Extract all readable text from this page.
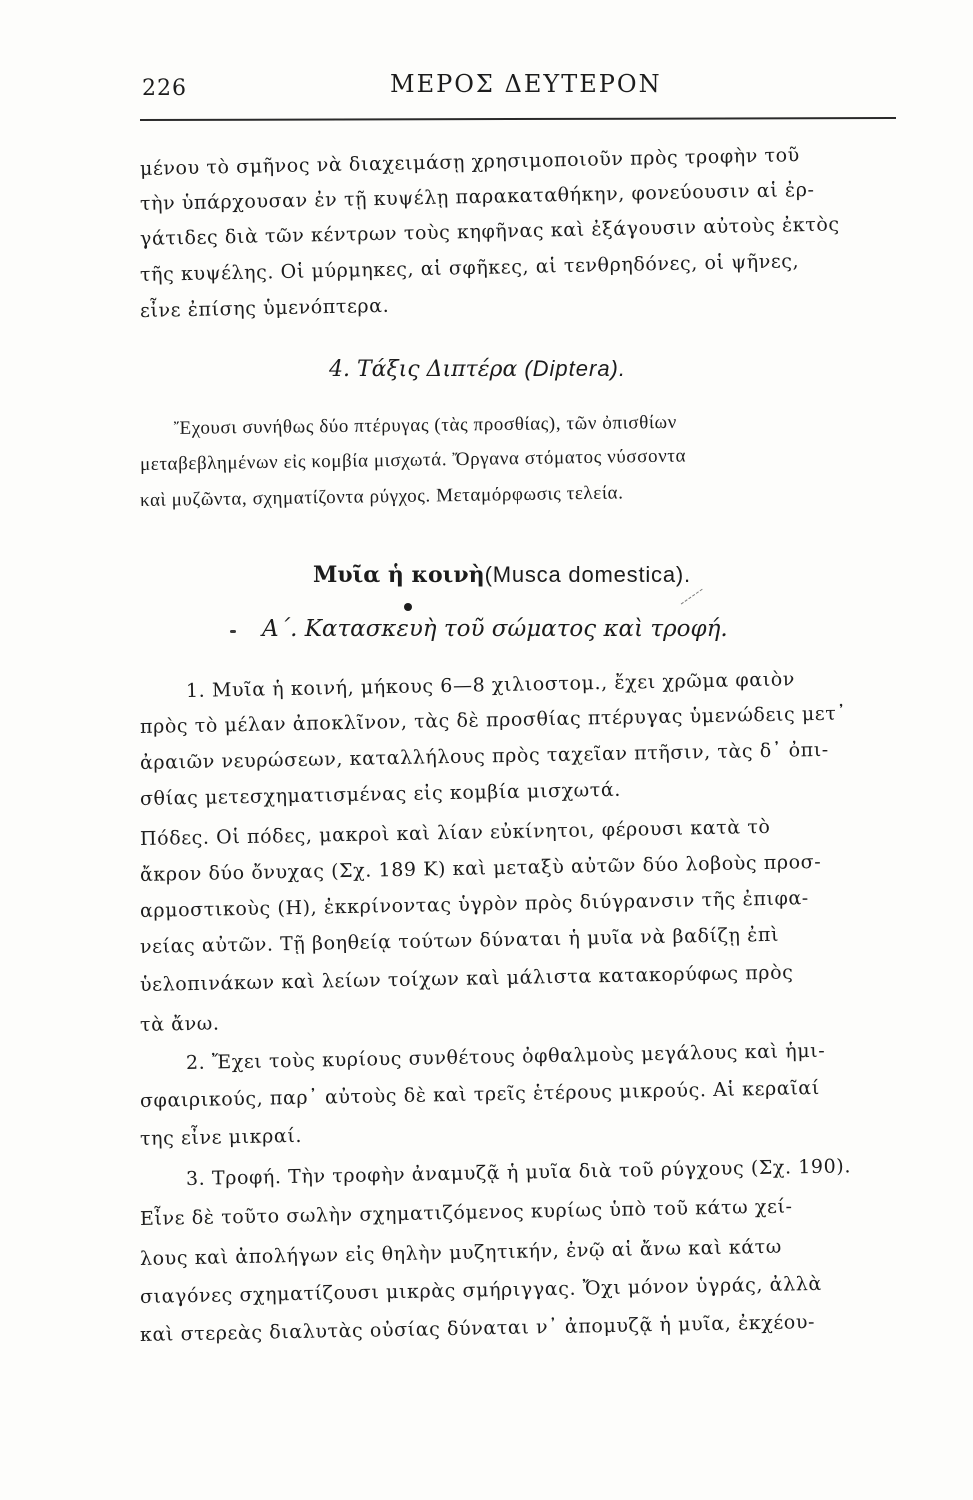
226	ΜΕΡΟΣ ΔΕΥΤΕΡΟΝ
μένου τὸ σμῆνος νὰ διαχειμάσῃ χρησιμοποιοῦν πρὸς τροφὴν τοῦ
τὴν ὑπάρχουσαν ἐν τῇ κυψέλῃ παρακαταθήκην, φονεύουσιν αἱ ἐρ-
γάτιδες διὰ τῶν κέντρων τοὺς κηφῆνας καὶ ἐξάγουσιν αὐτοὺς ἐκτὸς
τῆς κυψέλης. Οἱ μύρμηκες, αἱ σφῆκες, αἱ τενθρηδόνες, οἱ ψῆνες,
εἶνε ἐπίσης ὑμενόπτερα.
4. Τάξις Διπτέρα (Diptera).
Ἔχουσι συνήθως δύο πτέρυγας (τὰς προσθίας), τῶν ὀπισθίων
μεταβεβλημένων εἰς κομβία μισχωτά. Ὄργανα στόματος νύσσοντα
καὶ μυζῶντα, σχηματίζοντα ρύγχος. Μεταμόρφωσις τελεία.
Μυῖα ἡ κοινὴ(Musca domestica).
Α΄. Κατασκευὴ τοῦ σώματος καὶ τροφή.
1. Μυῖα ἡ κοινή, μήκους 6—8 χιλιοστομ., ἔχει χρῶμα φαιὸν
πρὸς τὸ μέλαν ἀποκλῖνον, τὰς δὲ προσθίας πτέρυγας ὑμενώδεις μετ᾽
ἀραιῶν νευρώσεων, καταλλήλους πρὸς ταχεῖαν πτῆσιν, τὰς δ᾽ ὀπι-
σθίας μετεσχηματισμένας εἰς κομβία μισχωτά.
Πόδες. Οἱ πόδες, μακροὶ καὶ λίαν εὐκίνητοι, φέρουσι κατὰ τὸ
ἄκρον δύο ὄνυχας (Σχ. 189 Κ) καὶ μεταξὺ αὐτῶν δύο λοβοὺς προσ-
αρμοστικοὺς (Η), ἐκκρίνοντας ὑγρὸν πρὸς διύγρανσιν τῆς ἐπιφα-
νείας αὐτῶν. Τῇ βοηθείᾳ τούτων δύναται ἡ μυῖα νὰ βαδίζῃ ἐπὶ
ὑελοπινάκων καὶ λείων τοίχων καὶ μάλιστα κατακορύφως πρὸς
τὰ ἄνω.
2. Ἔχει τοὺς κυρίους συνθέτους ὀφθαλμοὺς μεγάλους καὶ ἡμι-
σφαιρικούς, παρ᾽ αὐτοὺς δὲ καὶ τρεῖς ἑτέρους μικρούς. Αἱ κεραῖαί
της εἶνε μικραί.
3. Τροφή. Τὴν τροφὴν ἀναμυζᾷ ἡ μυῖα διὰ τοῦ ρύγχους (Σχ. 190).
Εἶνε δὲ τοῦτο σωλὴν σχηματιζόμενος κυρίως ὑπὸ τοῦ κάτω χεί-
λους καὶ ἀπολήγων εἰς θηλὴν μυζητικήν, ἐνῷ αἱ ἄνω καὶ κάτω
σιαγόνες σχηματίζουσι μικρὰς σμήριγγας. Ὄχι μόνον ὑγράς, ἀλλὰ
καὶ στερεὰς διαλυτὰς οὐσίας δύναται ν᾽ ἀπομυζᾷ ἡ μυῖα, ἐκχέου-
